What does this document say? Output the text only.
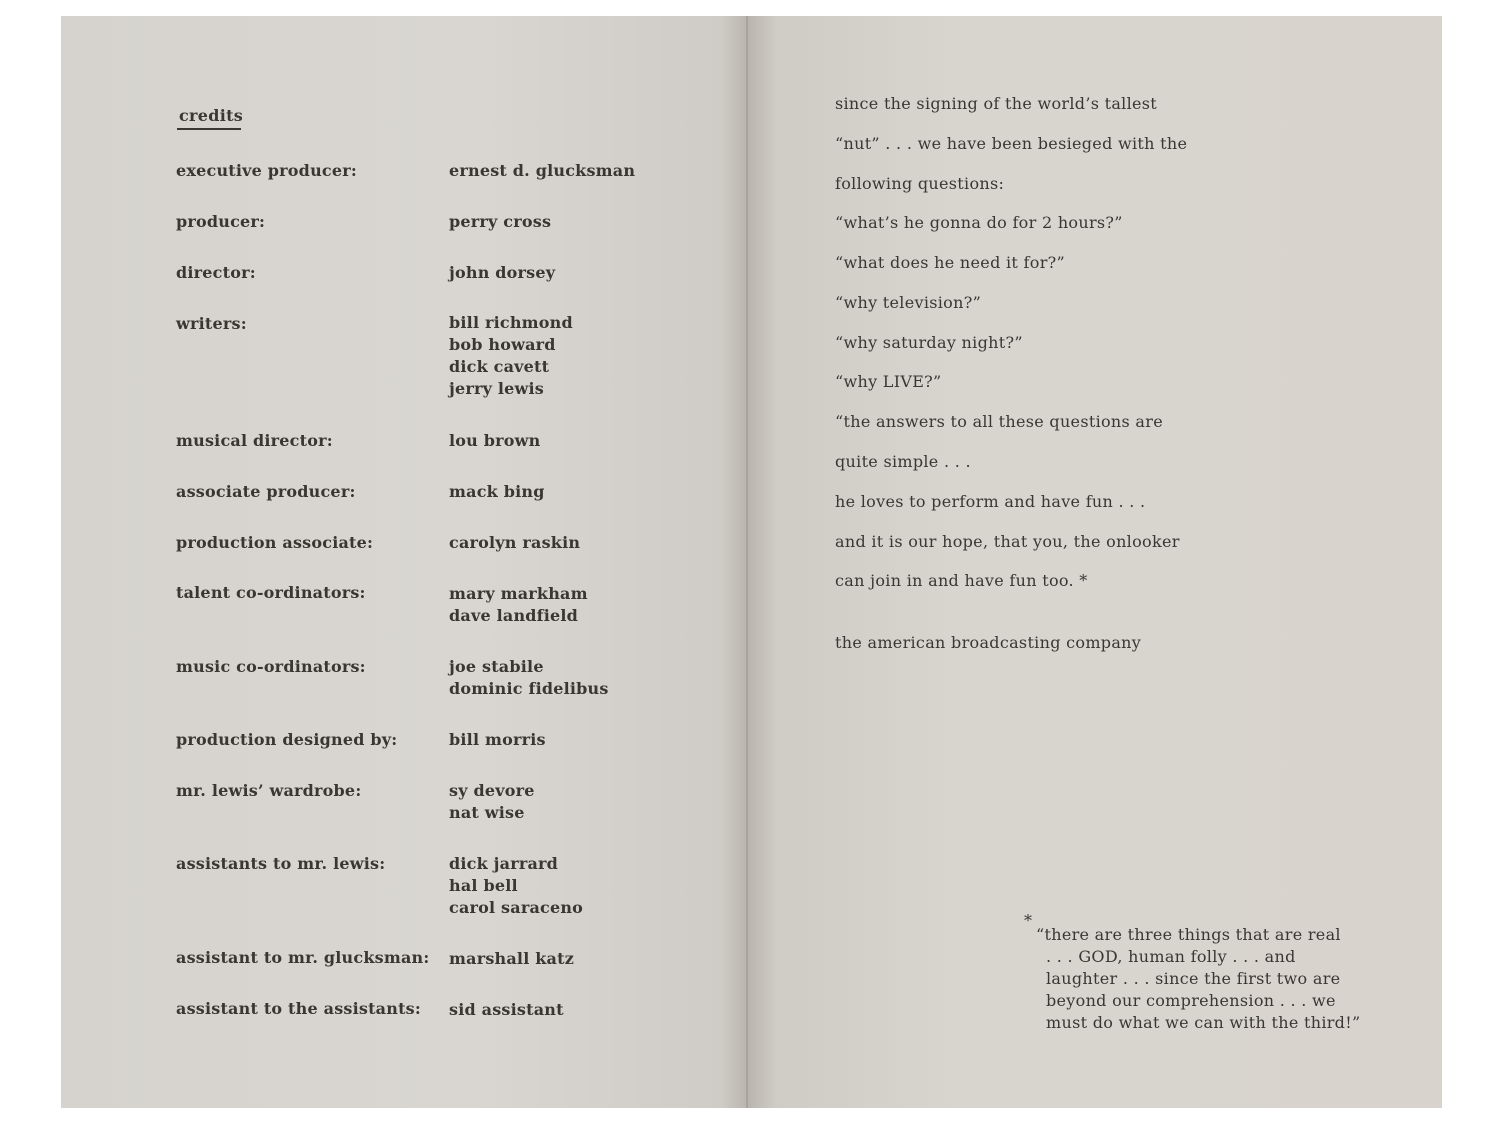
credits
executive producer:	ernest d. glucksman
producer:	perry cross
director:	john dorsey
writers:	bill richmond
bob howard
dick cavett
jerry lewis
musical director:	lou brown
associate producer:	mack bing
production associate:	carolyn raskin
talent co-ordinators:	mary markham
dave landfield
music co-ordinators:	joe stabile
dominic fidelibus
production designed by:	bill morris
mr. lewis’ wardrobe:	sy devore
nat wise
assistants to mr. lewis:	dick jarrard
hal bell
carol saraceno
assistant to mr. glucksman: marshall katz
assistant to the assistants: sid assistant
since the signing of the world’s tallest
“nut” . . . we have been besieged with the
following questions:
“what’s he gonna do for 2 hours?”
“what does he need it for?”
“why television?”
“why saturday night?”
“why LIVE?”
“the answers to all these questions are
quite simple . . .
he loves to perform and have fun . . .
and it is our hope, that you, the onlooker
can join in and have fun too. *
the american broadcasting company
*
“there are three things that are real
. . . GOD, human folly . . . and
laughter . . . since the first two are
beyond our comprehension . . . we
must do what we can with the third!”
